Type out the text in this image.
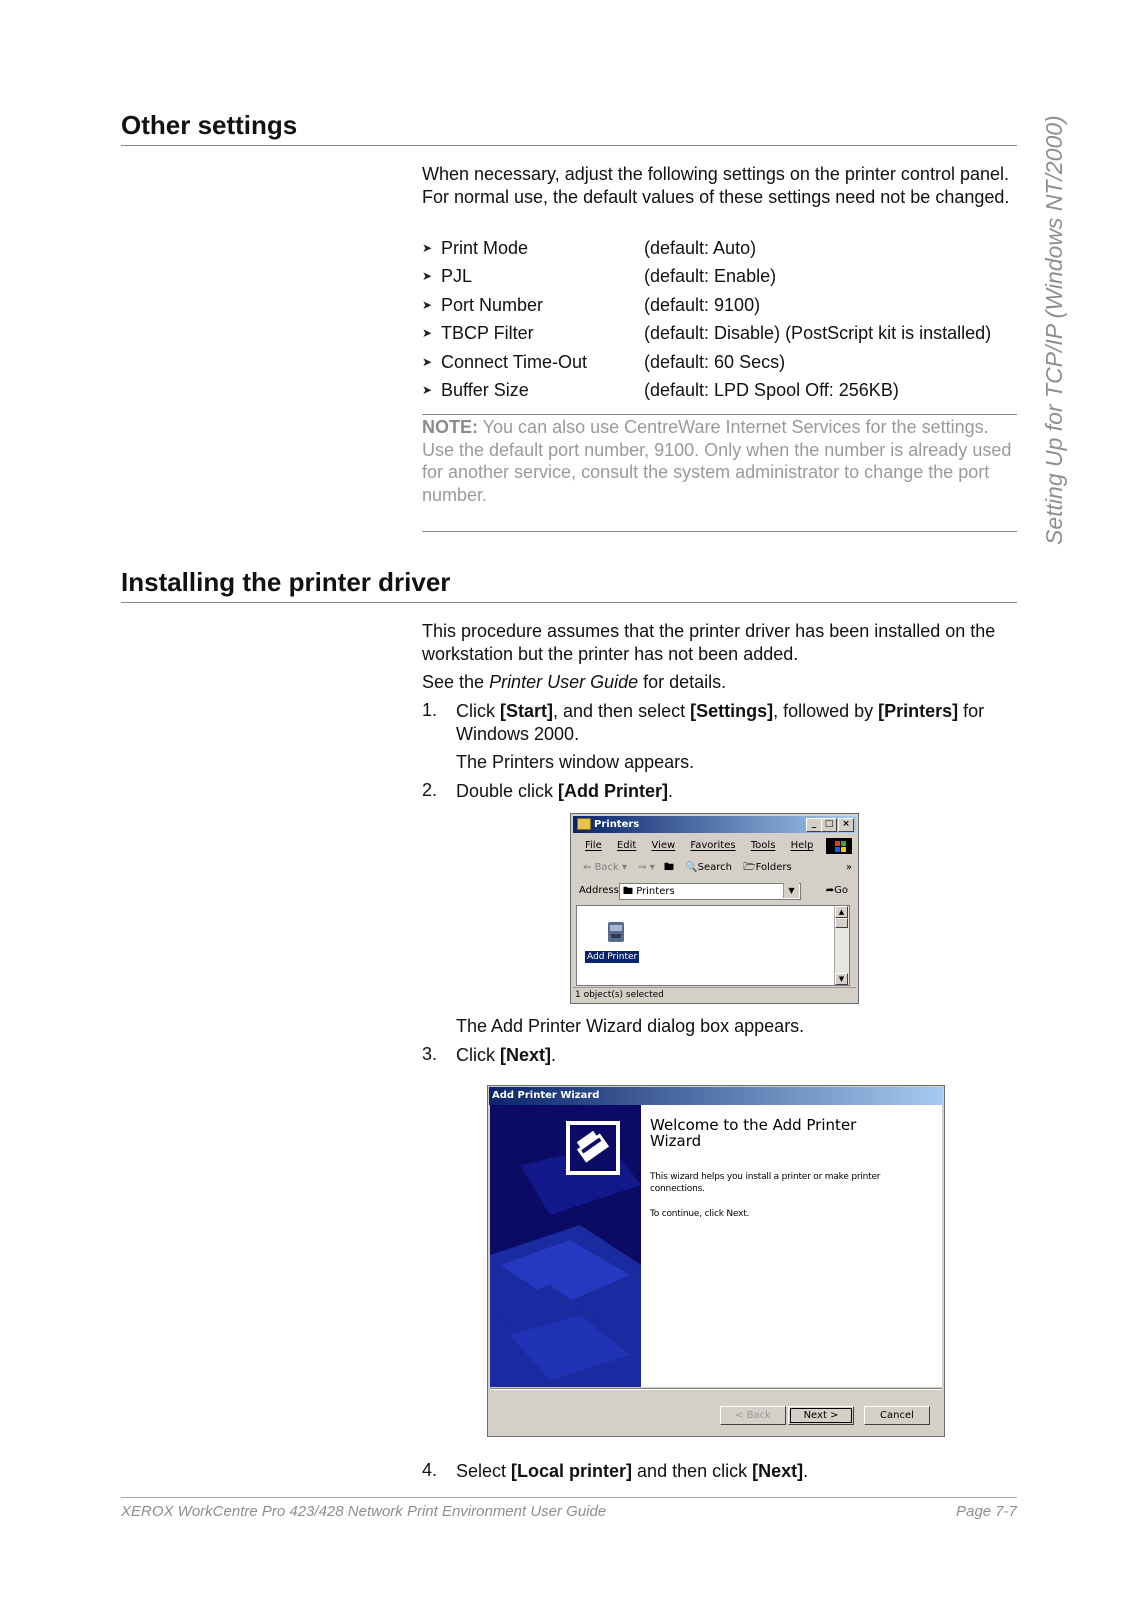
Setting Up for TCP/IP (Windows NT/2000)
Other settings
When necessary, adjust the following settings on the printer control panel. For normal use, the default values of these settings need not be changed.
➤ Print Mode	(default: Auto)
➤ PJL	(default: Enable)
➤ Port Number	(default: 9100)
➤ TBCP Filter	(default: Disable) (PostScript kit is installed)
➤ Connect Time-Out	(default: 60 Secs)
➤ Buffer Size	(default: LPD Spool Off: 256KB)
NOTE: You can also use CentreWare Internet Services for the settings.
Use the default port number, 9100. Only when the number is already used for another service, consult the system administrator to change the port number.
Installing the printer driver
This procedure assumes that the printer driver has been installed on the workstation but the printer has not been added.
See the Printer User Guide for details.
1. Click [Start], and then select [Settings], followed by [Printers] for Windows 2000.
The Printers window appears.
2. Double click [Add Printer].
Printers	_ □ ×
File Edit View Favorites Tools Help
⇐ Back ▾ ⇒ ▾ 🖿 🔍Search 🗁Folders	»
Address 🖿 Printers	▼	➦Go
Add Printer
▲
▼
1 object(s) selected
The Add Printer Wizard dialog box appears.
3. Click [Next].
Add Printer Wizard
Welcome to the Add Printer Wizard
This wizard helps you install a printer or make printer connections.
To continue, click Next.
< Back	Next >	Cancel
4. Select [Local printer] and then click [Next].
XEROX WorkCentre Pro 423/428 Network Print Environment User Guide	Page 7-7
